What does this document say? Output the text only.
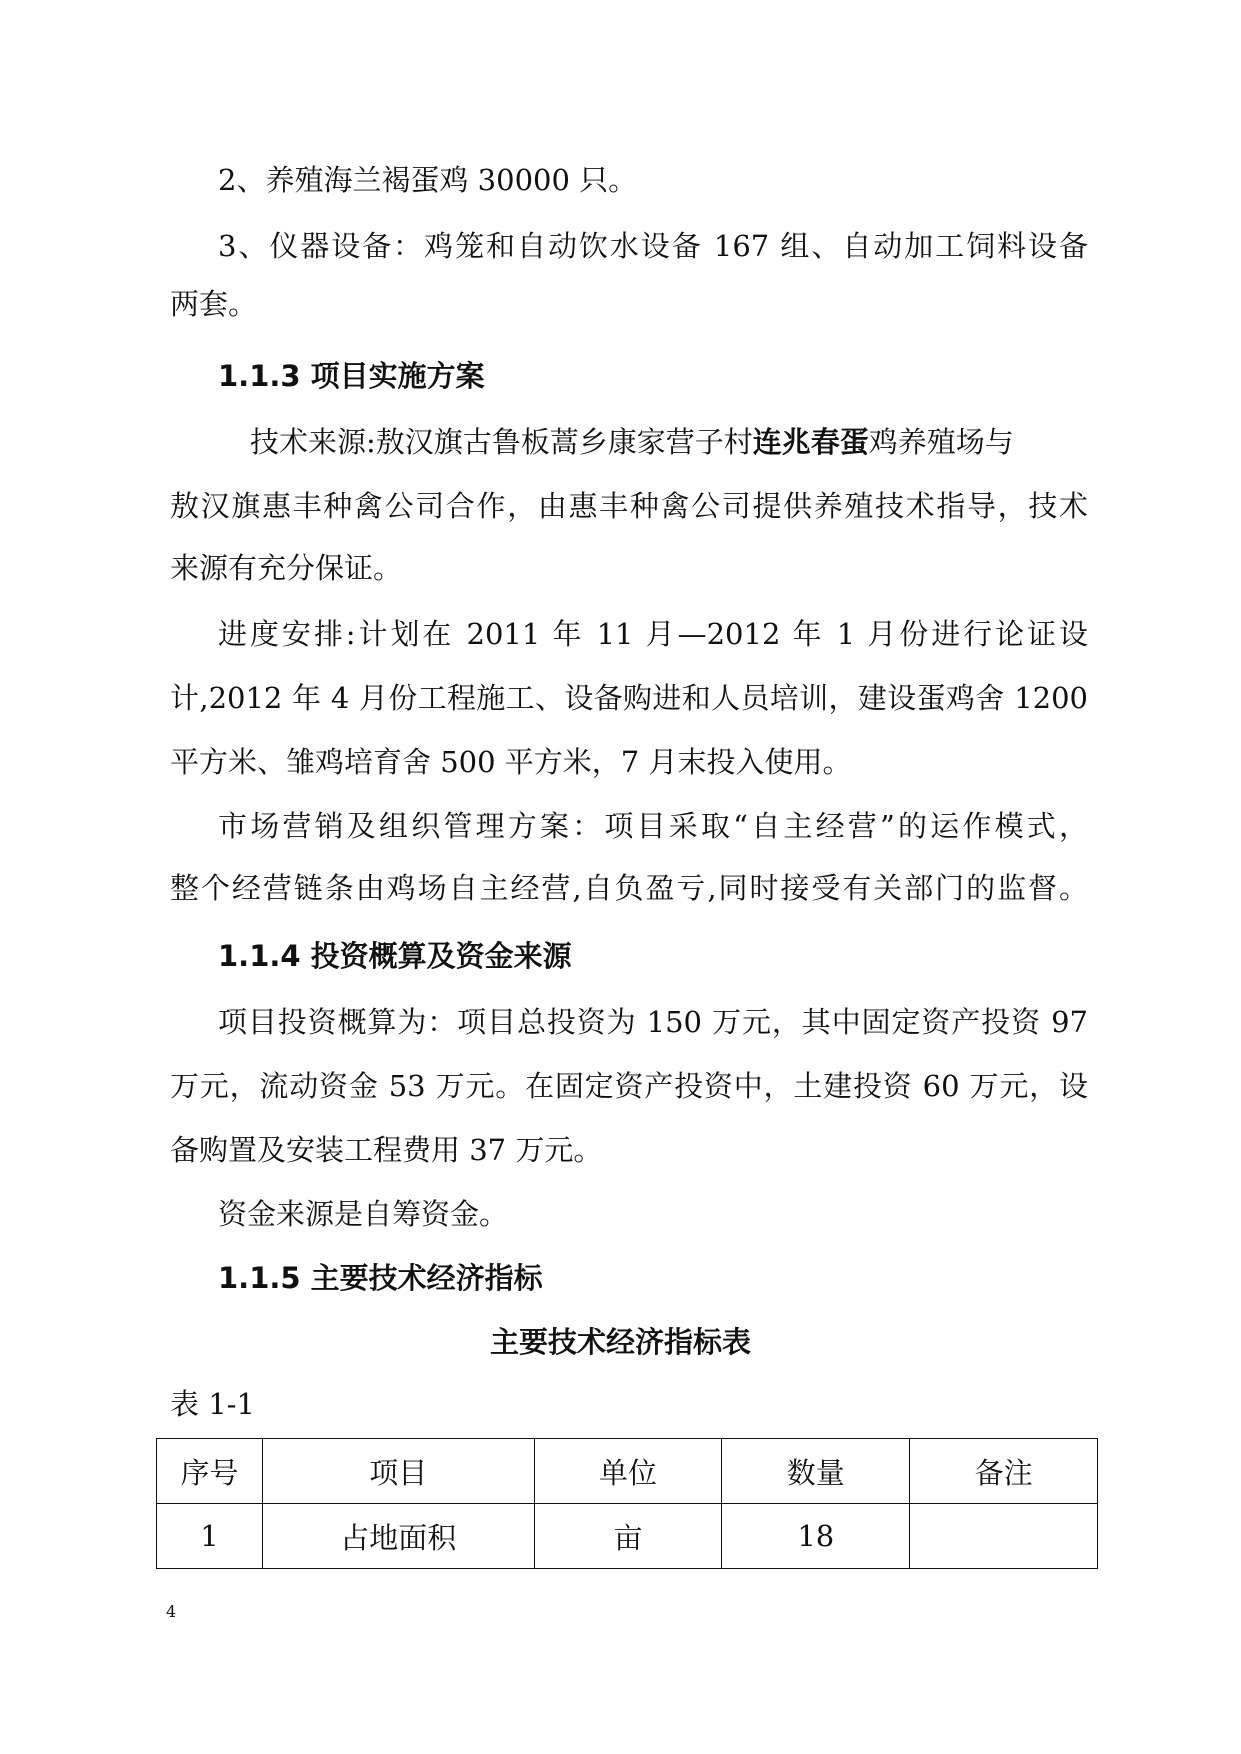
2、养殖海兰褐蛋鸡 30000 只。
3、仪器设备：鸡笼和自动饮水设备 167 组、自动加工饲料设备
两套。
1.1.3 项目实施方案
技术来源:敖汉旗古鲁板蒿乡康家营子村连兆春蛋鸡养殖场与
敖汉旗惠丰种禽公司合作，由惠丰种禽公司提供养殖技术指导，技术
来源有充分保证。
进度安排:计划在 2011 年 11 月—2012 年 1 月份进行论证设
计,2012 年 4 月份工程施工、设备购进和人员培训，建设蛋鸡舍 1200
平方米、雏鸡培育舍 500 平方米，7 月末投入使用。
市场营销及组织管理方案：项目采取“自主经营”的运作模式，
整个经营链条由鸡场自主经营,自负盈亏,同时接受有关部门的监督。
1.1.4 投资概算及资金来源
项目投资概算为：项目总投资为 150 万元，其中固定资产投资 97
万元，流动资金 53 万元。在固定资产投资中，土建投资 60 万元，设
备购置及安装工程费用 37 万元。
资金来源是自筹资金。
1.1.5 主要技术经济指标
主要技术经济指标表
表 1-1
序号	项目	单位	数量	备注
1	占地面积	亩	18	
4
